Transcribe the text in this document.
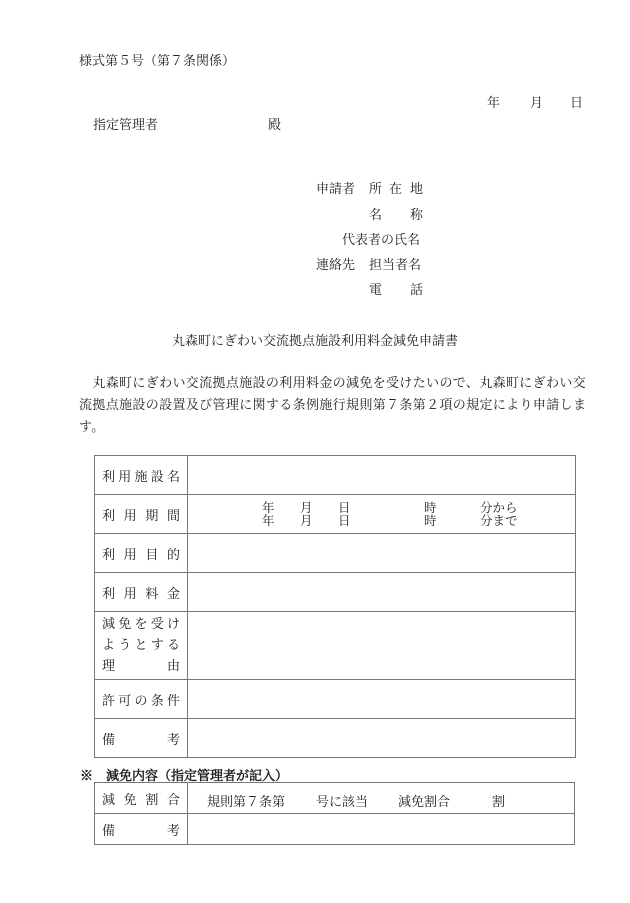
様式第５号（第７条関係）
年 月 日
指定管理者	殿
申請者 所 在 地
名 称
代表者の氏名
連絡先 担当者名
電 話
丸森町にぎわい交流拠点施設利用料金減免申請書
　丸森町にぎわい交流拠点施設の利用料金の減免を受けたいので、丸森町にぎわい交流拠点施設の設置及び管理に関する条例施行規則第７条第２項の規定により申請します。
利 用 施 設 名	

利 用 期 間

年 月 日	時	分から
年 月 日	時	分まで

利 用 目 的	

利 用 料 金	

減 免 を 受 け
よ う と す る
理	由

許 可 の 条 件	

備 考	

※　減免内容（指定管理者が記入）
減 免 割 合	規則第７条第 号に該当 減免割合 割

備 考	
